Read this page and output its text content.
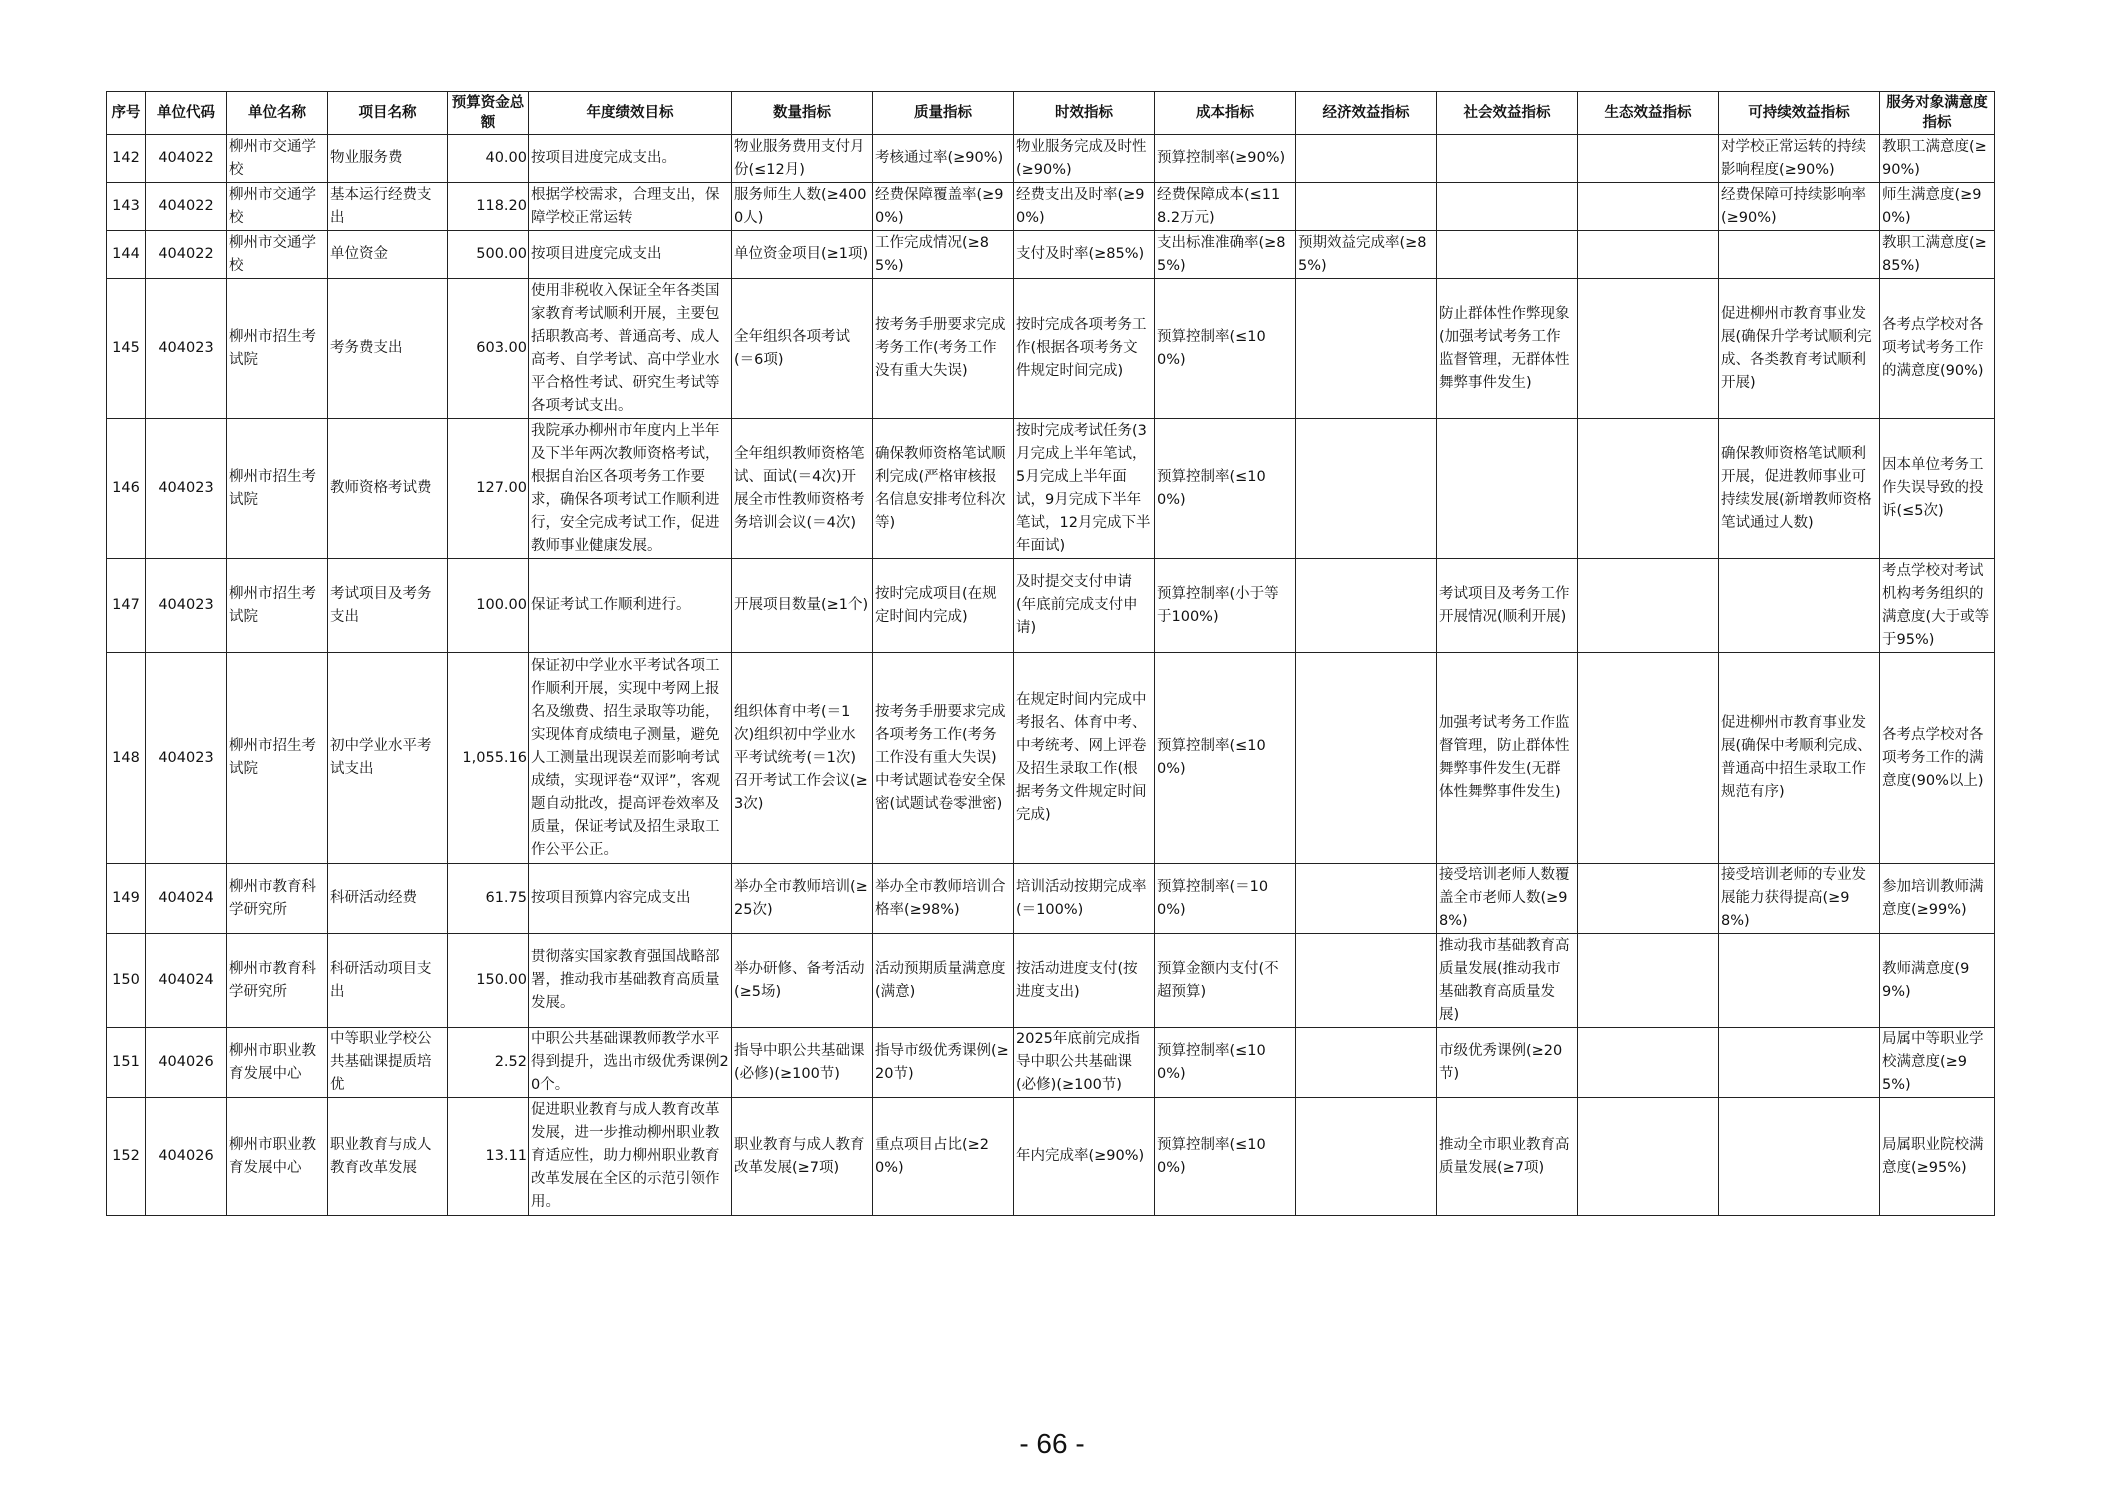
序号	单位代码	单位名称	项目名称	预算资金总额	年度绩效目标	数量指标	质量指标	时效指标	成本指标	经济效益指标	社会效益指标	生态效益指标	可持续效益指标	服务对象满意度指标
142	404022	柳州市交通学校	物业服务费	40.00	按项目进度完成支出。	物业服务费用支付月份(≤12月)	考核通过率(≥90%)	物业服务完成及时性(≥90%)	预算控制率(≥90%)				对学校正常运转的持续影响程度(≥90%)	教职工满意度(≥90%)
143	404022	柳州市交通学校	基本运行经费支出	118.20	根据学校需求，合理支出，保障学校正常运转	服务师生人数(≥4000人)	经费保障覆盖率(≥90%)	经费支出及时率(≥90%)	经费保障成本(≤118.2万元)				经费保障可持续影响率(≥90%)	师生满意度(≥90%)
144	404022	柳州市交通学校	单位资金	500.00	按项目进度完成支出	单位资金项目(≥1项)	工作完成情况(≥85%)	支付及时率(≥85%)	支出标准准确率(≥85%)	预期效益完成率(≥85%)				教职工满意度(≥85%)
145	404023	柳州市招生考试院	考务费支出	603.00	使用非税收入保证全年各类国家教育考试顺利开展，主要包括职教高考、普通高考、成人高考、自学考试、高中学业水平合格性考试、研究生考试等各项考试支出。	全年组织各项考试(＝6项)	按考务手册要求完成考务工作(考务工作没有重大失误)	按时完成各项考务工作(根据各项考务文件规定时间完成)	预算控制率(≤100%)		防止群体性作弊现象(加强考试考务工作监督管理，无群体性舞弊事件发生)		促进柳州市教育事业发展(确保升学考试顺利完成、各类教育考试顺利开展)	各考点学校对各项考试考务工作的满意度(90%)
146	404023	柳州市招生考试院	教师资格考试费	127.00	我院承办柳州市年度内上半年及下半年两次教师资格考试，根据自治区各项考务工作要求，确保各项考试工作顺利进行，安全完成考试工作，促进教师事业健康发展。	全年组织教师资格笔试、面试(＝4次)开展全市性教师资格考务培训会议(＝4次)	确保教师资格笔试顺利完成(严格审核报名信息安排考位科次等)	按时完成考试任务(3月完成上半年笔试，5月完成上半年面试，9月完成下半年笔试，12月完成下半年面试)	预算控制率(≤100%)				确保教师资格笔试顺利开展，促进教师事业可持续发展(新增教师资格笔试通过人数)	因本单位考务工作失误导致的投诉(≤5次)
147	404023	柳州市招生考试院	考试项目及考务支出	100.00	保证考试工作顺利进行。	开展项目数量(≥1个)	按时完成项目(在规定时间内完成)	及时提交支付申请(年底前完成支付申请)	预算控制率(小于等于100%)		考试项目及考务工作开展情况(顺利开展)			考点学校对考试机构考务组织的满意度(大于或等于95%)
148	404023	柳州市招生考试院	初中学业水平考试支出	1,055.16	保证初中学业水平考试各项工作顺利开展，实现中考网上报名及缴费、招生录取等功能，实现体育成绩电子测量，避免人工测量出现误差而影响考试成绩，实现评卷“双评”，客观题自动批改，提高评卷效率及质量，保证考试及招生录取工作公平公正。	组织体育中考(＝1次)组织初中学业水平考试统考(＝1次)召开考试工作会议(≥3次)	按考务手册要求完成各项考务工作(考务工作没有重大失误)中考试题试卷安全保密(试题试卷零泄密)	在规定时间内完成中考报名、体育中考、中考统考、网上评卷及招生录取工作(根据考务文件规定时间完成)	预算控制率(≤100%)		加强考试考务工作监督管理，防止群体性舞弊事件发生(无群体性舞弊事件发生)		促进柳州市教育事业发展(确保中考顺利完成、普通高中招生录取工作规范有序)	各考点学校对各项考务工作的满意度(90%以上)
149	404024	柳州市教育科学研究所	科研活动经费	61.75	按项目预算内容完成支出	举办全市教师培训(≥25次)	举办全市教师培训合格率(≥98%)	培训活动按期完成率(＝100%)	预算控制率(＝100%)		接受培训老师人数覆盖全市老师人数(≥98%)		接受培训老师的专业发展能力获得提高(≥98%)	参加培训教师满意度(≥99%)
150	404024	柳州市教育科学研究所	科研活动项目支出	150.00	贯彻落实国家教育强国战略部署，推动我市基础教育高质量发展。	举办研修、备考活动(≥5场)	活动预期质量满意度(满意)	按活动进度支付(按进度支出)	预算金额内支付(不超预算)		推动我市基础教育高质量发展(推动我市基础教育高质量发展)			教师满意度(99%)
151	404026	柳州市职业教育发展中心	中等职业学校公共基础课提质培优	2.52	中职公共基础课教师教学水平得到提升，选出市级优秀课例20个。	指导中职公共基础课(必修)(≥100节)	指导市级优秀课例(≥20节)	2025年底前完成指导中职公共基础课(必修)(≥100节)	预算控制率(≤100%)		市级优秀课例(≥20节)			局属中等职业学校满意度(≥95%)
152	404026	柳州市职业教育发展中心	职业教育与成人教育改革发展	13.11	促进职业教育与成人教育改革发展，进一步推动柳州职业教育适应性，助力柳州职业教育改革发展在全区的示范引领作用。	职业教育与成人教育改革发展(≥7项)	重点项目占比(≥20%)	年内完成率(≥90%)	预算控制率(≤100%)		推动全市职业教育高质量发展(≥7项)			局属职业院校满意度(≥95%)
- 66 -
